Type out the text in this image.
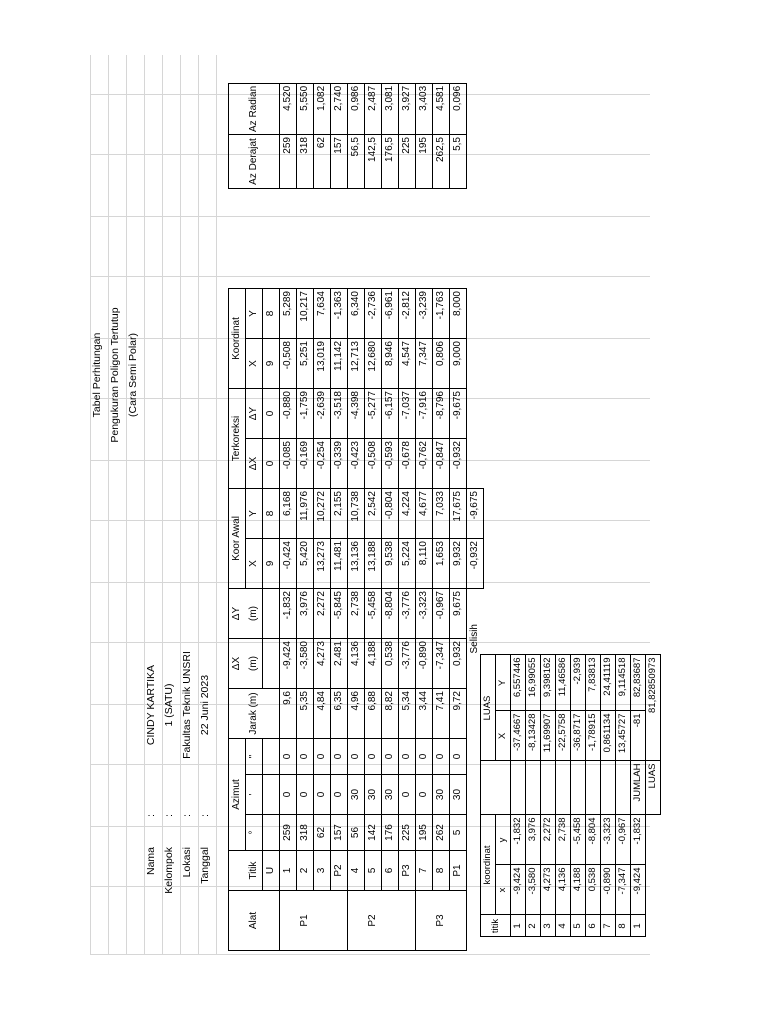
Tabel Perhitungan Pengukuran Poligon Tertutup (Cara Semi Polar)
Nama
:
CINDY KARTIKA
Kelompok
:
1 (SATU)
Lokasi
:
Fakultas Teknik UNSRI
Tanggal
:
22 Juni 2023
		Azimut				ΔX	ΔY	Koor Awal		Terkoreksi		Koordinat					
Alat	Titik	°	'	"	Jarak (m)	(m)	(m)	X	Y	ΔX	ΔY	X	Y			Az Derajat	Az Radian
	U							9	8	0	0	9	8				
	1	259	0	0	9,6	-9,424	-1,832	-0,424	6,168	-0,085	-0,880	-0,508	5,289			259	4,520
P1	2	318	0	0	5,35	-3,580	3,976	5,420	11,976	-0,169	-1,759	5,251	10,217			318	5,550
	3	62	0	0	4,84	4,273	2,272	13,273	10,272	-0,254	-2,639	13,019	7,634			62	1,082
	P2	157	0	0	6,35	2,481	-5,845	11,481	2,155	-0,339	-3,518	11,142	-1,363			157	2,740
	4	56	30	0	4,96	4,136	2,738	13,136	10,738	-0,423	-4,398	12,713	6,340			56,5	0,986
P2	5	142	30	0	6,88	4,188	-5,458	13,188	2,542	-0,508	-5,277	12,680	-2,736			142,5	2,487
	6	176	30	0	8,82	0,538	-8,804	9,538	-0,804	-0,593	-6,157	8,946	-6,961			176,5	3,081
	P3	225	0	0	5,34	-3,776	-3,776	5,224	4,224	-0,678	-7,037	4,547	-2,812			225	3,927
	7	195	0	0	3,44	-0,890	-3,323	8,110	4,677	-0,762	-7,916	7,347	-3,239			195	3,403
P3	8	262	30	0	7,41	-7,347	-0,967	1,653	7,033	-0,847	-8,796	0,806	-1,763			262,5	4,581
	P1	5	30	0	9,72	0,932	9,675	9,932	17,675	-0,932	-9,675	9,000	8,000			5,5	0,096
						Selisih		-0,932	-9,675								
	titik	koordinat			LUAS		
		x	y		X	Y	
	1	-9,424	-1,832		-37,4667	6,557446	
	2	-3,580	3,976		-8,13428	16,99055	
	3	4,273	2,272		11,69907	9,398162	
	4	4,136	2,738		-22,5758	11,46586	
	5	4,188	-5,458		-36,8717	-2,939	
	6	0,538	-8,804		-1,78915	7,83813	
	7	-0,890	-3,323		0,861134	24,41119	
	8	-7,347	-0,967		13,45727	9,114518	
	1	-9,424	-1,832	JUMLAH	-81	82,83687	
				LUAS	81,82850973		
